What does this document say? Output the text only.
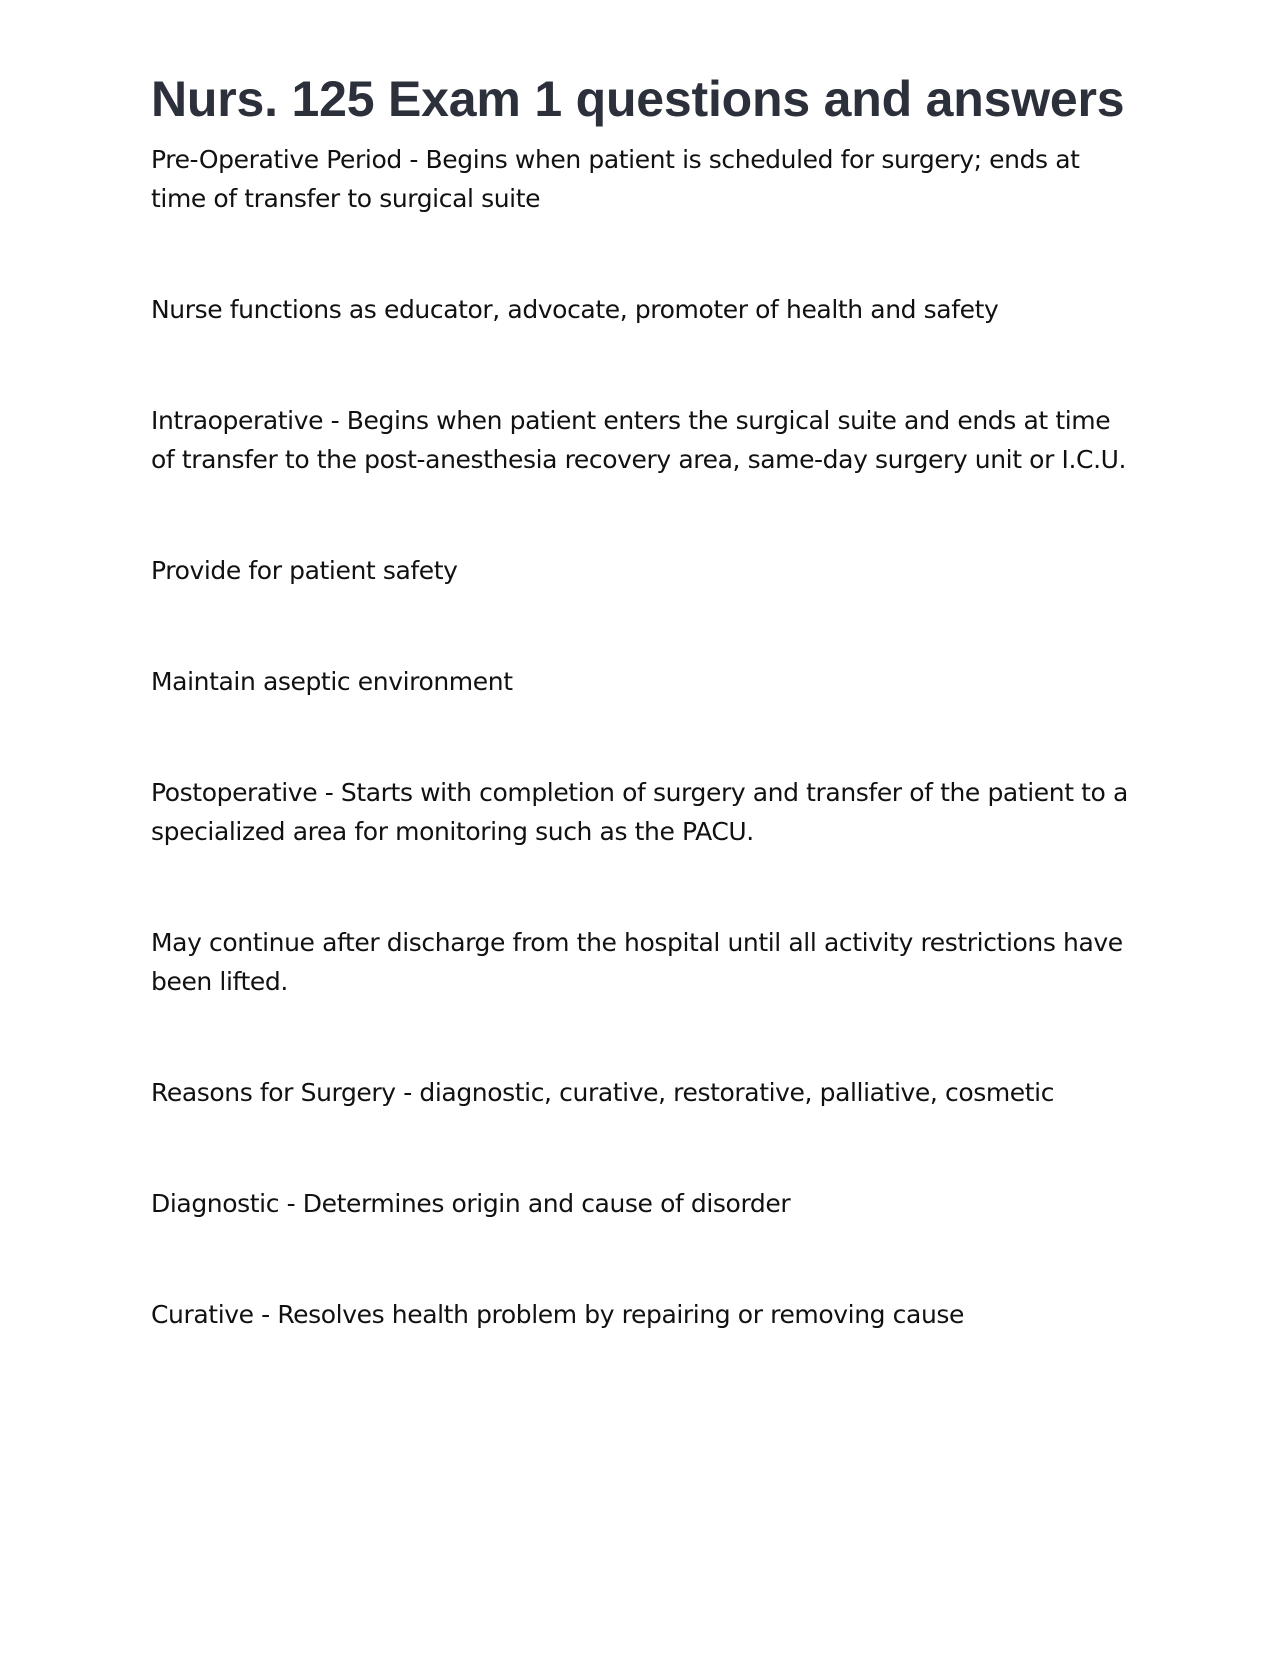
Nurs. 125 Exam 1 questions and answers

Pre-Operative Period - Begins when patient is scheduled for surgery; ends at time of transfer to surgical suite

Nurse functions as educator, advocate, promoter of health and safety

Intraoperative - Begins when patient enters the surgical suite and ends at time of transfer to the post-anesthesia recovery area, same-day surgery unit or I.C.U.

Provide for patient safety

Maintain aseptic environment

Postoperative - Starts with completion of surgery and transfer of the patient to a specialized area for monitoring such as the PACU.

May continue after discharge from the hospital until all activity restrictions have been lifted.

Reasons for Surgery - diagnostic, curative, restorative, palliative, cosmetic

Diagnostic - Determines origin and cause of disorder

Curative - Resolves health problem by repairing or removing cause
